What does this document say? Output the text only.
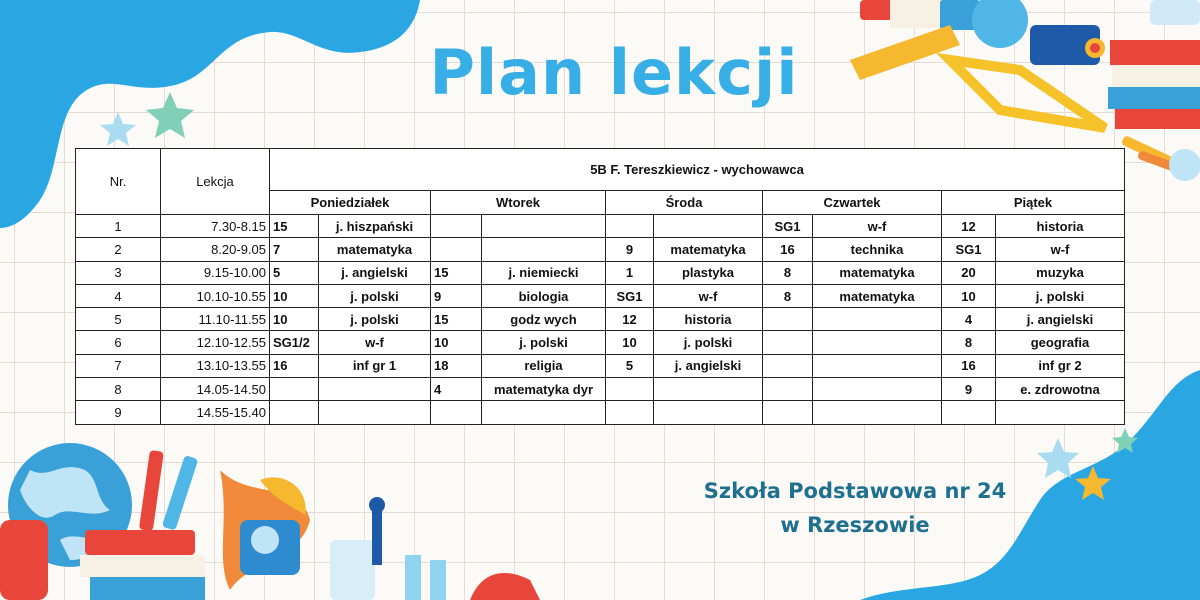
Plan lekcji
Nr.	Lekcja	5B F. Tereszkiewicz - wychowawca									
		Poniedziałek		Wtorek		Środa		Czwartek		Piątek	
1	7.30-8.15	15	j. hiszpański					SG1	w-f	12	historia
2	8.20-9.05	7	matematyka			9	matematyka	16	technika	SG1	w-f
3	9.15-10.00	5	j. angielski	15	j. niemiecki	1	plastyka	8	matematyka	20	muzyka
4	10.10-10.55	10	j. polski	9	biologia	SG1	w-f	8	matematyka	10	j. polski
5	11.10-11.55	10	j. polski	15	godz wych	12	historia			4	j. angielski
6	12.10-12.55	SG1/2	w-f	10	j. polski	10	j. polski			8	geografia
7	13.10-13.55	16	inf gr 1	18	religia	5	j. angielski			16	inf gr 2
8	14.05-14.50			4	matematyka dyr					9	e. zdrowotna
9	14.55-15.40										
Szkoła Podstawowa nr 24
w Rzeszowie
